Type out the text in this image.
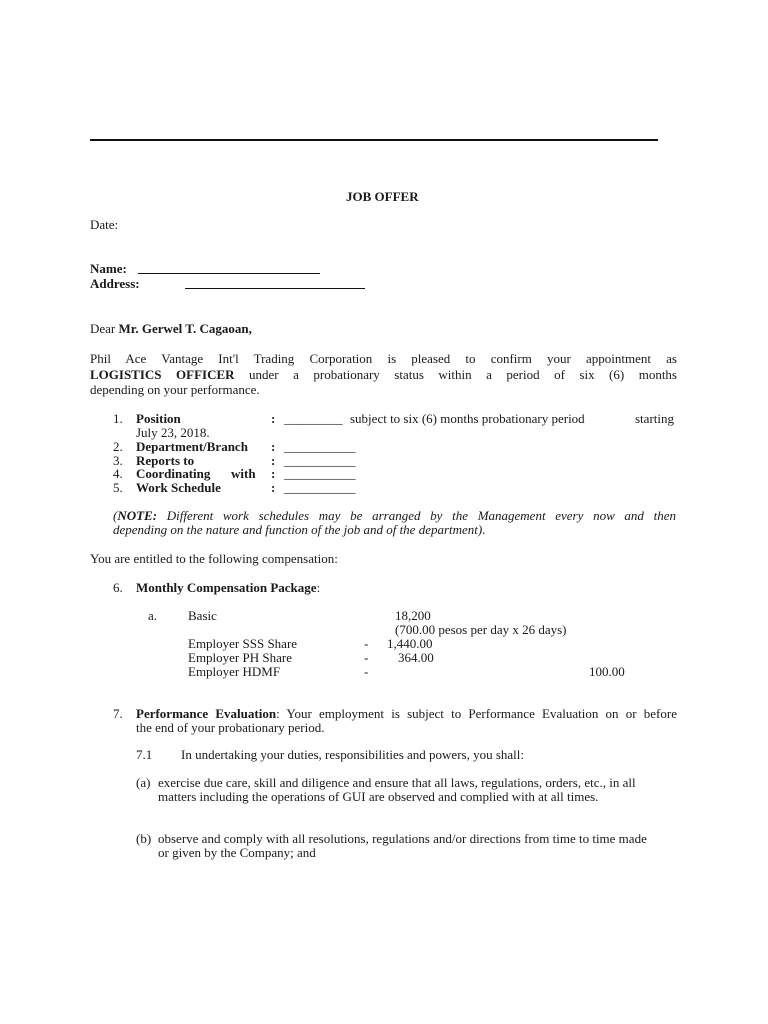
JOB OFFER
Date:
Name:
Address:
Dear Mr. Gerwel T. Cagaoan,
Phil Ace Vantage Int'l Trading Corporation is pleased to confirm your appointment as
LOGISTICS OFFICER under a probationary status within a period of six (6) months
depending on your performance.
1. Position	: _________ subject to six (6) months probationary period	starting
July 23, 2018.
2. Department/Branch : ___________
3. Reports to	: ___________
4. Coordinating with : ___________
5. Work Schedule	: ___________
(NOTE: Different work schedules may be arranged by the Management every now and then
depending on the nature and function of the job and of the department).
You are entitled to the following compensation:
6. Monthly Compensation Package:
a. Basic	18,200
(700.00 pesos per day x 26 days)
Employer SSS Share	- 1,440.00
Employer PH Share	- 364.00
Employer HDMF	-	100.00
7. Performance Evaluation: Your employment is subject to Performance Evaluation on or before
the end of your probationary period.
7.1 In undertaking your duties, responsibilities and powers, you shall:
(a) exercise due care, skill and diligence and ensure that all laws, regulations, orders, etc., in all
matters including the operations of GUI are observed and complied with at all times.
(b) observe and comply with all resolutions, regulations and/or directions from time to time made
or given by the Company; and
